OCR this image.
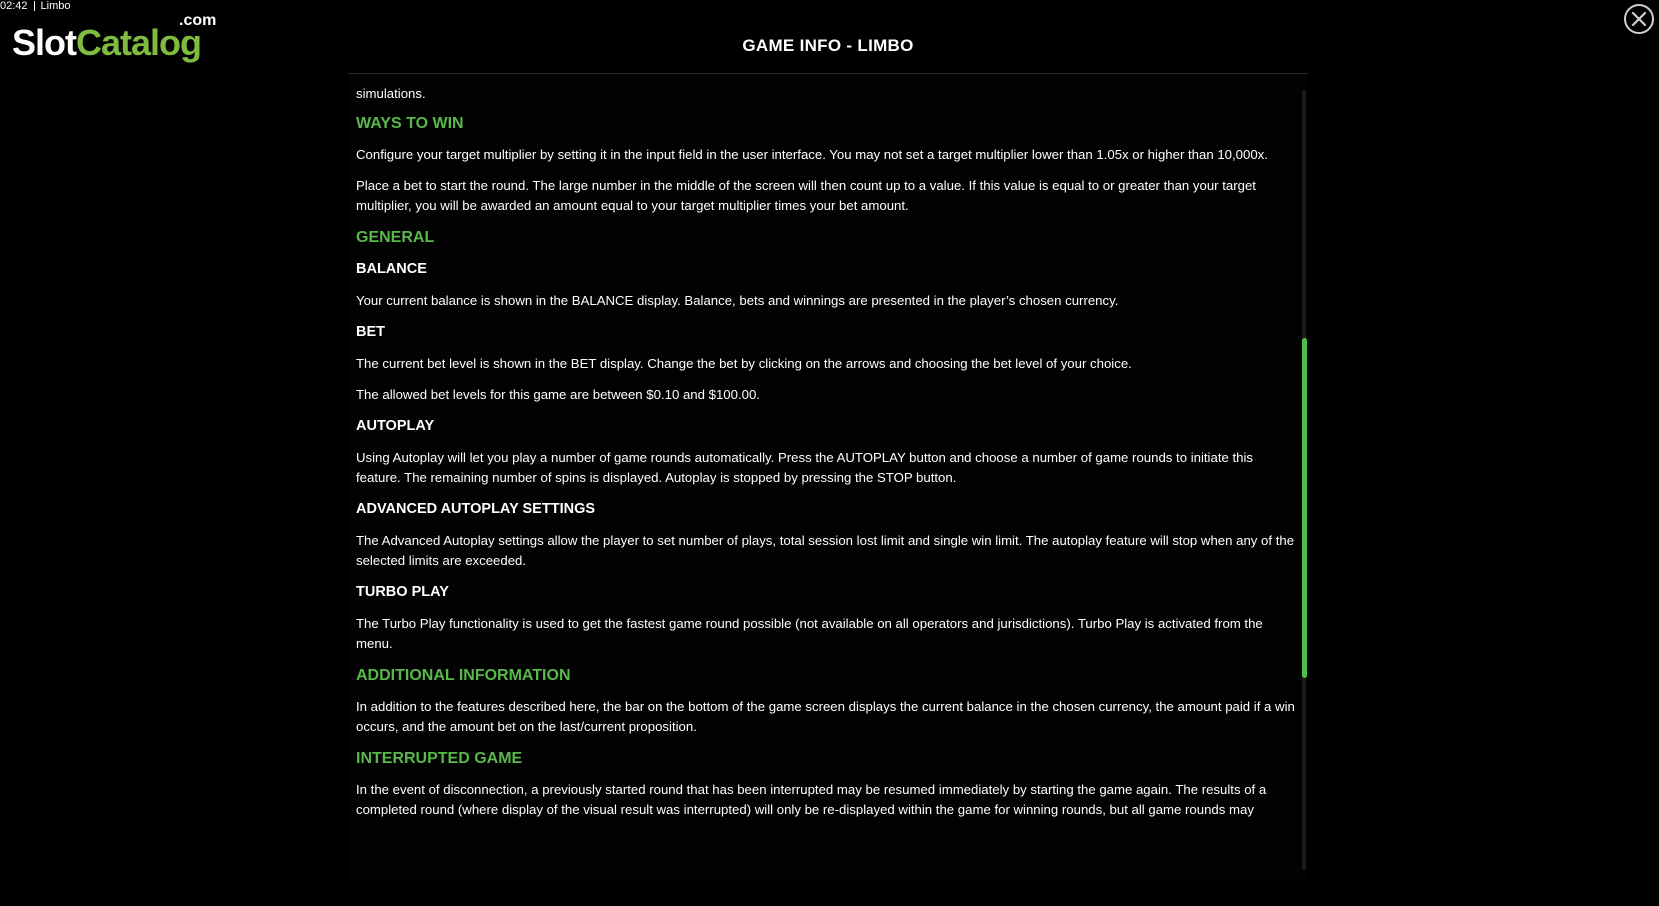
02:42 Limbo
.com
SlotCatalog	GAME INFO - LIMBO

simulations.

WAYS TO WIN

Configure your target multiplier by setting it in the input field in the user interface. You may not set a target multiplier lower than 1.05x or higher than 10,000x.

Place a bet to start the round. The large number in the middle of the screen will then count up to a value. If this value is equal to or greater than your target multiplier, you will be awarded an amount equal to your target multiplier times your bet amount.

GENERAL
BALANCE

Your current balance is shown in the BALANCE display. Balance, bets and winnings are presented in the player’s chosen currency.

BET

The current bet level is shown in the BET display. Change the bet by clicking on the arrows and choosing the bet level of your choice.

The allowed bet levels for this game are between $0.10 and $100.00.

AUTOPLAY

Using Autoplay will let you play a number of game rounds automatically. Press the AUTOPLAY button and choose a number of game rounds to initiate this feature. The remaining number of spins is displayed. Autoplay is stopped by pressing the STOP button.

ADVANCED AUTOPLAY SETTINGS

The Advanced Autoplay settings allow the player to set number of plays, total session lost limit and single win limit. The autoplay feature will stop when any of the selected limits are exceeded.

TURBO PLAY

The Turbo Play functionality is used to get the fastest game round possible (not available on all operators and jurisdictions). Turbo Play is activated from the menu.

ADDITIONAL INFORMATION

In addition to the features described here, the bar on the bottom of the game screen displays the current balance in the chosen currency, the amount paid if a win occurs, and the amount bet on the last/current proposition.

INTERRUPTED GAME

In the event of disconnection, a previously started round that has been interrupted may be resumed immediately by starting the game again. The results of a completed round (where display of the visual result was interrupted) will only be re-displayed within the game for winning rounds, but all game rounds may
